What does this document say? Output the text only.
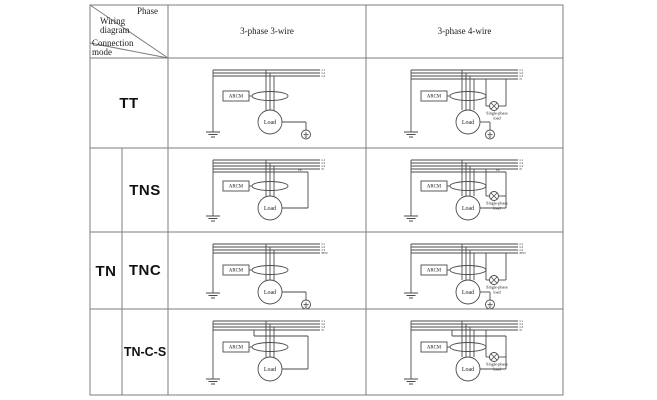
Phase
Wiring diagram
Connection mode
3-phase 3-wire	3-phase 4-wire
TT
TN
TNS
TNC
TN-C-S
L1
L2
L3
ARCM
Load
L1
L2
L3
N
ARCM
Load
Single-phase
load
L1
L2
L3
N
PE
ARCM
Load
L1
L2
L3
N
PE
ARCM
Load
Single-phase
load
L1
L2
L3
PEN
ARCM
Load
L1
L2
L3
PEN
ARCM
Load
Single-phase
load
L1
L2
L3
N
ARCM
Load
L1
L2
L3
N
ARCM
Load
Single-phase
load
